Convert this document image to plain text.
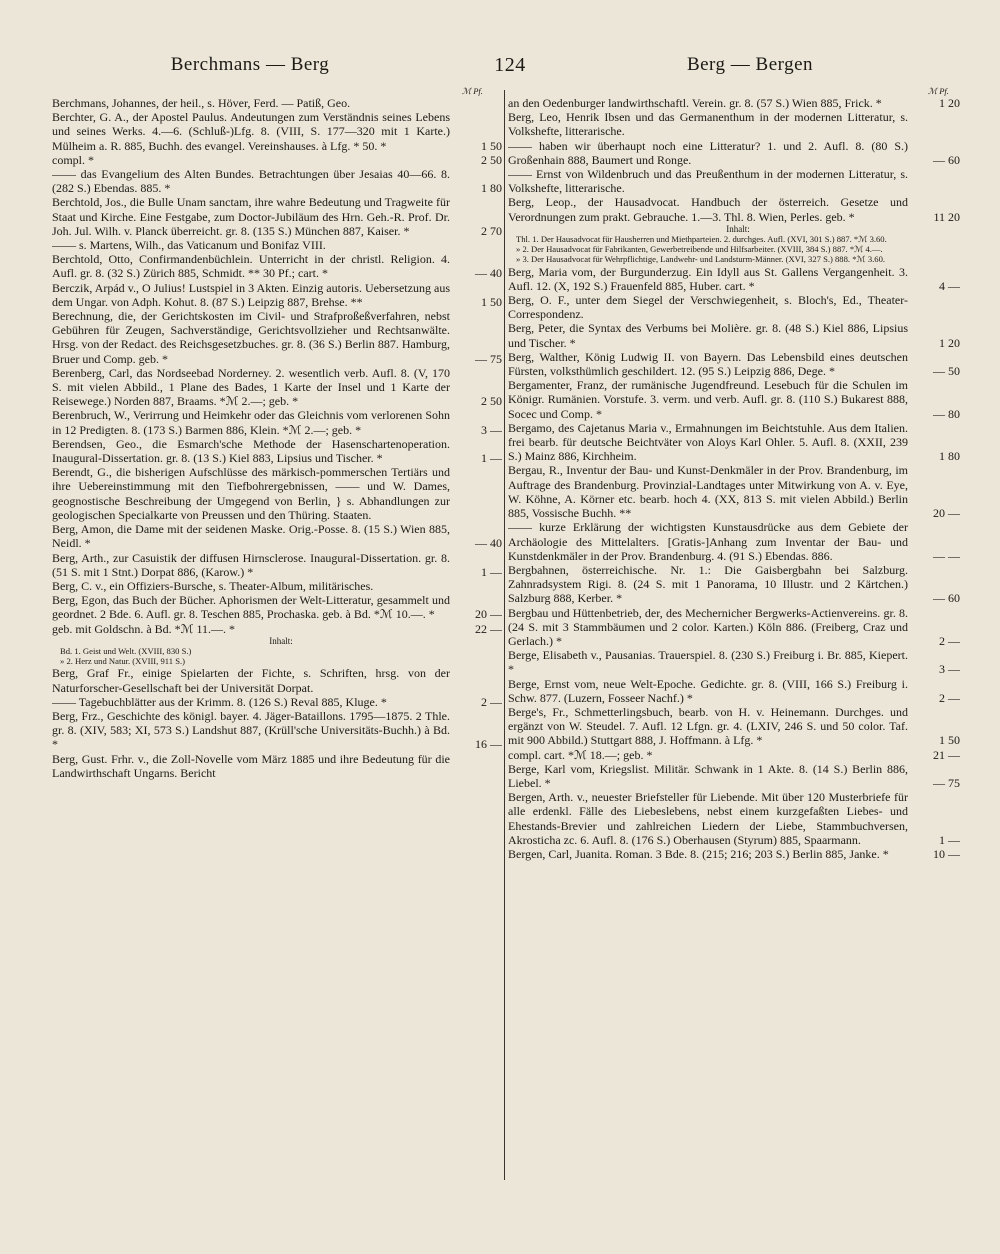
Berchmans — Berg	124	Berg — Bergen
ℳ Pf.	ℳ Pf.
Berchmans, Johannes, der heil., s. Höver, Ferd. — Patiß, Geo.
Berchter, G. A., der Apostel Paulus. Andeutungen zum Verständnis seines Lebens und seines Werks. 4.—6. (Schluß-)Lfg. 8. (VIII, S. 177—320 mit 1 Karte.) Mülheim a. R. 885, Buchh. des evangel. Vereinshauses. à Lfg. * 50. *	1 50
compl. *	2 50
—— das Evangelium des Alten Bundes. Betrachtungen über Jesaias 40—66. 8. (282 S.) Ebendas. 885. *	1 80
Berchtold, Jos., die Bulle Unam sanctam, ihre wahre Bedeutung und Tragweite für Staat und Kirche. Eine Festgabe, zum Doctor-Jubiläum des Hrn. Geh.-R. Prof. Dr. Joh. Jul. Wilh. v. Planck überreicht. gr. 8. (135 S.) München 887, Kaiser. *	2 70
—— s. Martens, Wilh., das Vaticanum und Bonifaz VIII.
Berchtold, Otto, Confirmandenbüchlein. Unterricht in der christl. Religion. 4. Aufl. gr. 8. (32 S.) Zürich 885, Schmidt. ** 30 Pf.; cart. *	— 40
Berczik, Arpád v., O Julius! Lustspiel in 3 Akten. Einzig autoris. Uebersetzung aus dem Ungar. von Adph. Kohut. 8. (87 S.) Leipzig 887, Brehse. **	1 50
Berechnung, die, der Gerichtskosten im Civil- und Strafproßeßverfahren, nebst Gebühren für Zeugen, Sachverständige, Gerichtsvollzieher und Rechtsanwälte. Hrsg. von der Redact. des Reichsgesetzbuches. gr. 8. (36 S.) Berlin 887. Hamburg, Bruer und Comp. geb. *	— 75
Berenberg, Carl, das Nordseebad Norderney. 2. wesentlich verb. Aufl. 8. (V, 170 S. mit vielen Abbild., 1 Plane des Bades, 1 Karte der Insel und 1 Karte der Reisewege.) Norden 887, Braams. *ℳ 2.—; geb. *	2 50
Berenbruch, W., Verirrung und Heimkehr oder das Gleichnis vom verlorenen Sohn in 12 Predigten. 8. (173 S.) Barmen 886, Klein. *ℳ 2.—; geb. *	3 —
Berendsen, Geo., die Esmarch'sche Methode der Hasenschartenoperation. Inaugural-Dissertation. gr. 8. (13 S.) Kiel 883, Lipsius und Tischer. *	1 —
Berendt, G., die bisherigen Aufschlüsse des märkisch-pommerschen Tertiärs und ihre Uebereinstimmung mit den Tiefbohrergebnissen, —— und W. Dames, geognostische Beschreibung der Umgegend von Berlin, } s. Abhandlungen zur geologischen Specialkarte von Preussen und den Thüring. Staaten.
Berg, Amon, die Dame mit der seidenen Maske. Orig.-Posse. 8. (15 S.) Wien 885, Neidl. *	— 40
Berg, Arth., zur Casuistik der diffusen Hirnsclerose. Inaugural-Dissertation. gr. 8. (51 S. mit 1 Stnt.) Dorpat 886, (Karow.) *	1 —
Berg, C. v., ein Offiziers-Bursche, s. Theater-Album, militärisches.
Berg, Egon, das Buch der Bücher. Aphorismen der Welt-Litteratur, gesammelt und geordnet. 2 Bde. 6. Aufl. gr. 8. Teschen 885, Prochaska. geb. à Bd. *ℳ 10.—. *	20 —
geb. mit Goldschn. à Bd. *ℳ 11.—. *	22 —
Inhalt:
Bd. 1. Geist und Welt. (XVIII, 830 S.)
» 2. Herz und Natur. (XVIII, 911 S.)
Berg, Graf Fr., einige Spielarten der Fichte, s. Schriften, hrsg. von der Naturforscher-Gesellschaft bei der Universität Dorpat.
—— Tagebuchblätter aus der Krimm. 8. (126 S.) Reval 885, Kluge. *	2 —
Berg, Frz., Geschichte des königl. bayer. 4. Jäger-Bataillons. 1795—1875. 2 Thle. gr. 8. (XIV, 583; XI, 573 S.) Landshut 887, (Krüll'sche Universitäts-Buchh.) à Bd. *	16 —
Berg, Gust. Frhr. v., die Zoll-Novelle vom März 1885 und ihre Bedeutung für die Landwirthschaft Ungarns. Bericht
an den Oedenburger landwirthschaftl. Verein. gr. 8. (57 S.) Wien 885, Frick. *	1 20
Berg, Leo, Henrik Ibsen und das Germanenthum in der modernen Litteratur, s. Volkshefte, litterarische.
—— haben wir überhaupt noch eine Litteratur? 1. und 2. Aufl. 8. (80 S.) Großenhain 888, Baumert und Ronge.	— 60
—— Ernst von Wildenbruch und das Preußenthum in der modernen Litteratur, s. Volkshefte, litterarische.
Berg, Leop., der Hausadvocat. Handbuch der österreich. Gesetze und Verordnungen zum prakt. Gebrauche. 1.—3. Thl. 8. Wien, Perles. geb. *	11 20
Inhalt:
Thl. 1. Der Hausadvocat für Hausherren und Miethparteien. 2. durchges. Aufl. (XVI, 301 S.) 887. *ℳ 3.60.
» 2. Der Hausadvocat für Fabrikanten, Gewerbetreibende und Hilfsarbeiter. (XVIII, 384 S.) 887. *ℳ 4.—.
» 3. Der Hausadvocat für Wehrpflichtige, Landwehr- und Landsturm-Männer. (XVI, 327 S.) 888. *ℳ 3.60.
Berg, Maria vom, der Burgunderzug. Ein Idyll aus St. Gallens Vergangenheit. 3. Aufl. 12. (X, 192 S.) Frauenfeld 885, Huber. cart. *	4 —
Berg, O. F., unter dem Siegel der Verschwiegenheit, s. Bloch's, Ed., Theater-Correspondenz.
Berg, Peter, die Syntax des Verbums bei Molière. gr. 8. (48 S.) Kiel 886, Lipsius und Tischer. *	1 20
Berg, Walther, König Ludwig II. von Bayern. Das Lebensbild eines deutschen Fürsten, volksthümlich geschildert. 12. (95 S.) Leipzig 886, Dege. *	— 50
Bergamenter, Franz, der rumänische Jugendfreund. Lesebuch für die Schulen im Königr. Rumänien. Vorstufe. 3. verm. und verb. Aufl. gr. 8. (110 S.) Bukarest 888, Socec und Comp. *	— 80
Bergamo, des Cajetanus Maria v., Ermahnungen im Beichtstuhle. Aus dem Italien. frei bearb. für deutsche Beichtväter von Aloys Karl Ohler. 5. Aufl. 8. (XXII, 239 S.) Mainz 886, Kirchheim.	1 80
Bergau, R., Inventur der Bau- und Kunst-Denkmäler in der Prov. Brandenburg, im Auftrage des Brandenburg. Provinzial-Landtages unter Mitwirkung von A. v. Eye, W. Köhne, A. Körner etc. bearb. hoch 4. (XX, 813 S. mit vielen Abbild.) Berlin 885, Vossische Buchh. **	20 —
—— kurze Erklärung der wichtigsten Kunstausdrücke aus dem Gebiete der Archäologie des Mittelalters. [Gratis-]Anhang zum Inventar der Bau- und Kunstdenkmäler in der Prov. Brandenburg. 4. (91 S.) Ebendas. 886.	— —
Bergbahnen, österreichische. Nr. 1.: Die Gaisbergbahn bei Salzburg. Zahnradsystem Rigi. 8. (24 S. mit 1 Panorama, 10 Illustr. und 2 Kärtchen.) Salzburg 888, Kerber. *	— 60
Bergbau und Hüttenbetrieb, der, des Mechernicher Bergwerks-Actienvereins. gr. 8. (24 S. mit 3 Stammbäumen und 2 color. Karten.) Köln 886. (Freiberg, Craz und Gerlach.) *	2 —
Berge, Elisabeth v., Pausanias. Trauerspiel. 8. (230 S.) Freiburg i. Br. 885, Kiepert. *	3 —
Berge, Ernst vom, neue Welt-Epoche. Gedichte. gr. 8. (VIII, 166 S.) Freiburg i. Schw. 877. (Luzern, Fosseer Nachf.) *	2 —
Berge's, Fr., Schmetterlingsbuch, bearb. von H. v. Heinemann. Durchges. und ergänzt von W. Steudel. 7. Aufl. 12 Lfgn. gr. 4. (LXIV, 246 S. und 50 color. Taf. mit 900 Abbild.) Stuttgart 888, J. Hoffmann. à Lfg. *	1 50
compl. cart. *ℳ 18.—; geb. *	21 —
Berge, Karl vom, Kriegslist. Militär. Schwank in 1 Akte. 8. (14 S.) Berlin 886, Liebel. *	— 75
Bergen, Arth. v., neuester Briefsteller für Liebende. Mit über 120 Musterbriefe für alle erdenkl. Fälle des Liebeslebens, nebst einem kurzgefaßten Liebes- und Ehestands-Brevier und zahlreichen Liedern der Liebe, Stammbuchversen, Akrosticha zc. 6. Aufl. 8. (176 S.) Oberhausen (Styrum) 885, Spaarmann.	1 —
Bergen, Carl, Juanita. Roman. 3 Bde. 8. (215; 216; 203 S.) Berlin 885, Janke. *	10 —
